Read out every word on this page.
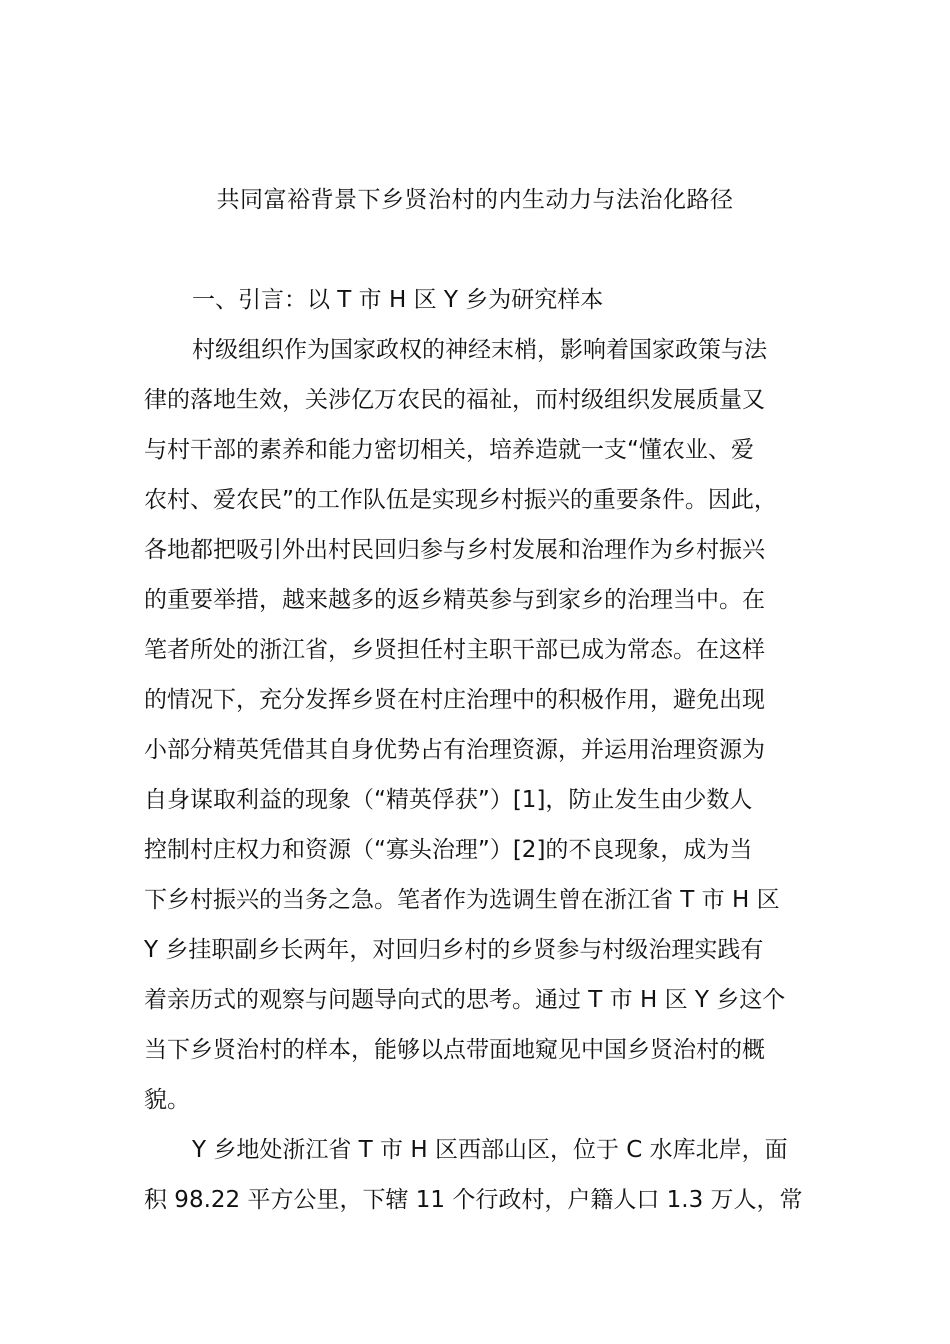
共同富裕背景下乡贤治村的内生动力与法治化路径
一、引言：以 T 市 H 区 Y 乡为研究样本
村级组织作为国家政权的神经末梢，影响着国家政策与法
律的落地生效，关涉亿万农民的福祉，而村级组织发展质量又
与村干部的素养和能力密切相关，培养造就一支“懂农业、爱
农村、爱农民”的工作队伍是实现乡村振兴的重要条件。因此，
各地都把吸引外出村民回归参与乡村发展和治理作为乡村振兴
的重要举措，越来越多的返乡精英参与到家乡的治理当中。在
笔者所处的浙江省，乡贤担任村主职干部已成为常态。在这样
的情况下，充分发挥乡贤在村庄治理中的积极作用，避免出现
小部分精英凭借其自身优势占有治理资源，并运用治理资源为
自身谋取利益的现象（“精英俘获”）[1]，防止发生由少数人
控制村庄权力和资源（“寡头治理”）[2]的不良现象，成为当
下乡村振兴的当务之急。笔者作为选调生曾在浙江省 T 市 H 区
Y 乡挂职副乡长两年，对回归乡村的乡贤参与村级治理实践有
着亲历式的观察与问题导向式的思考。通过 T 市 H 区 Y 乡这个
当下乡贤治村的样本，能够以点带面地窥见中国乡贤治村的概
貌。
Y 乡地处浙江省 T 市 H 区西部山区，位于 C 水库北岸，面
积 98.22 平方公里，下辖 11 个行政村，户籍人口 1.3 万人，常
